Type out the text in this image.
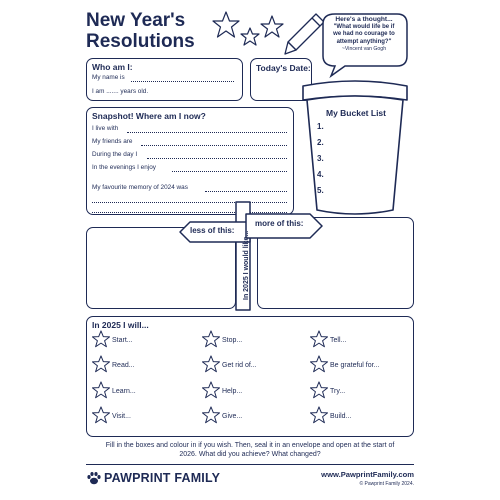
New Year's
Resolutions
Here's a thought...
"What would life be if
we had no courage to
attempt anything?"
~Vincent van Gogh
Who am I:
My name is
I am ....... years old.
Today's Date:
Snapshot! Where am I now?
I live with
My friends are
During the day I
In the evenings I enjoy
My favourite memory of 2024 was
My Bucket List
1.
2.
3.
4.
5.
less of this:
more of this:
In 2025 I would like...
In 2025 I will...
Start...	Stop...	Tell...
Read...	Get rid of...	Be grateful for...
Learn...	Help...	Try...
Visit...	Give...	Build...
Fill in the boxes and colour in if you wish. Then, seal it in an envelope and open at the start of
2026. What did you achieve? What changed?
PAWPRINT FAMILY	www.PawprintFamily.com
© Pawprint Family 2024.
